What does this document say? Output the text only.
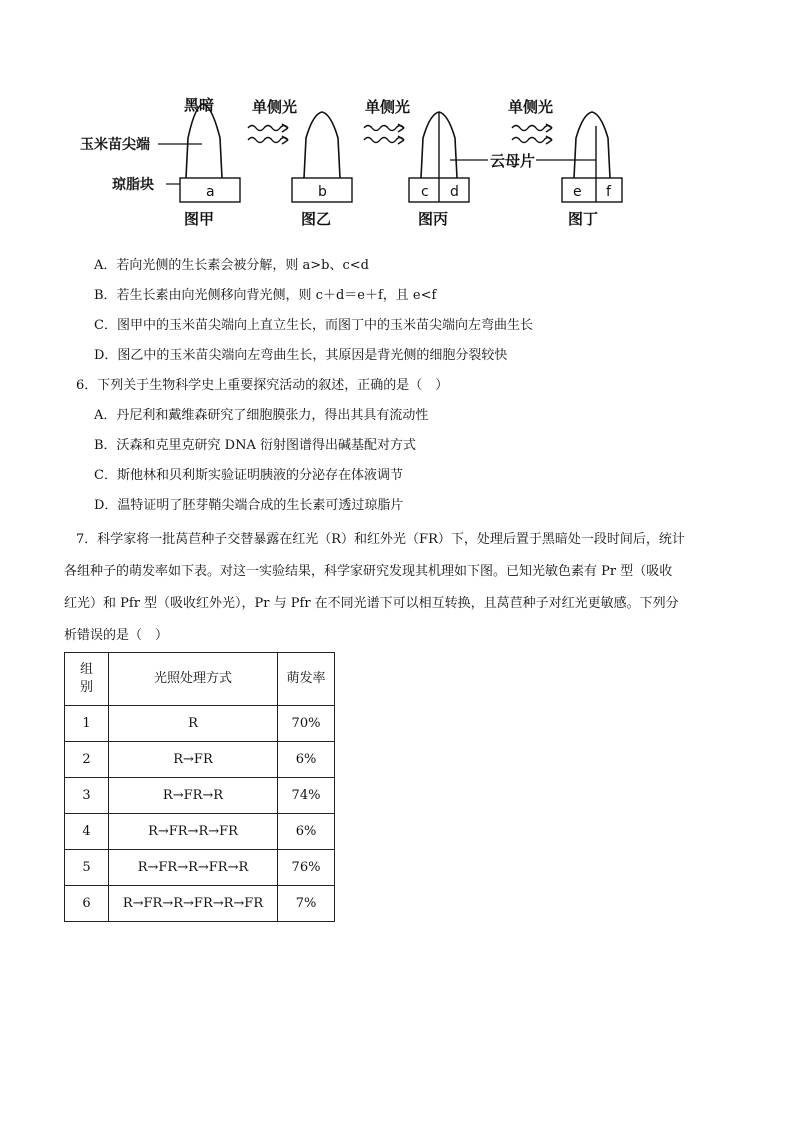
黑暗	单侧光	单侧光	单侧光
玉米苗尖端
琼脂块	a
图甲
b
图乙
c d
图丙
云母片
e f
图丁
A．若向光侧的生长素会被分解，则 a>b、c<d
B．若生长素由向光侧移向背光侧，则 c＋d＝e＋f，且 e<f
C．图甲中的玉米苗尖端向上直立生长，而图丁中的玉米苗尖端向左弯曲生长
D．图乙中的玉米苗尖端向左弯曲生长，其原因是背光侧的细胞分裂较快
6．下列关于生物科学史上重要探究活动的叙述，正确的是（　）
A．丹尼利和戴维森研究了细胞膜张力，得出其具有流动性
B．沃森和克里克研究 DNA 衍射图谱得出碱基配对方式
C．斯他林和贝利斯实验证明胰液的分泌存在体液调节
D．温特证明了胚芽鞘尖端合成的生长素可透过琼脂片
7．科学家将一批莴苣种子交替暴露在红光（R）和红外光（FR）下，处理后置于黑暗处一段时间后，统计
各组种子的萌发率如下表。对这一实验结果，科学家研究发现其机理如下图。已知光敏色素有 Pr 型（吸收
红光）和 Pfr 型（吸收红外光），Pr 与 Pfr 在不同光谱下可以相互转换，且莴苣种子对红光更敏感。下列分
析错误的是（　）
组别	光照处理方式	萌发率
1	R	70%
2	R→FR	6%
3	R→FR→R	74%
4	R→FR→R→FR	6%
5	R→FR→R→FR→R	76%
6	R→FR→R→FR→R→FR	7%
